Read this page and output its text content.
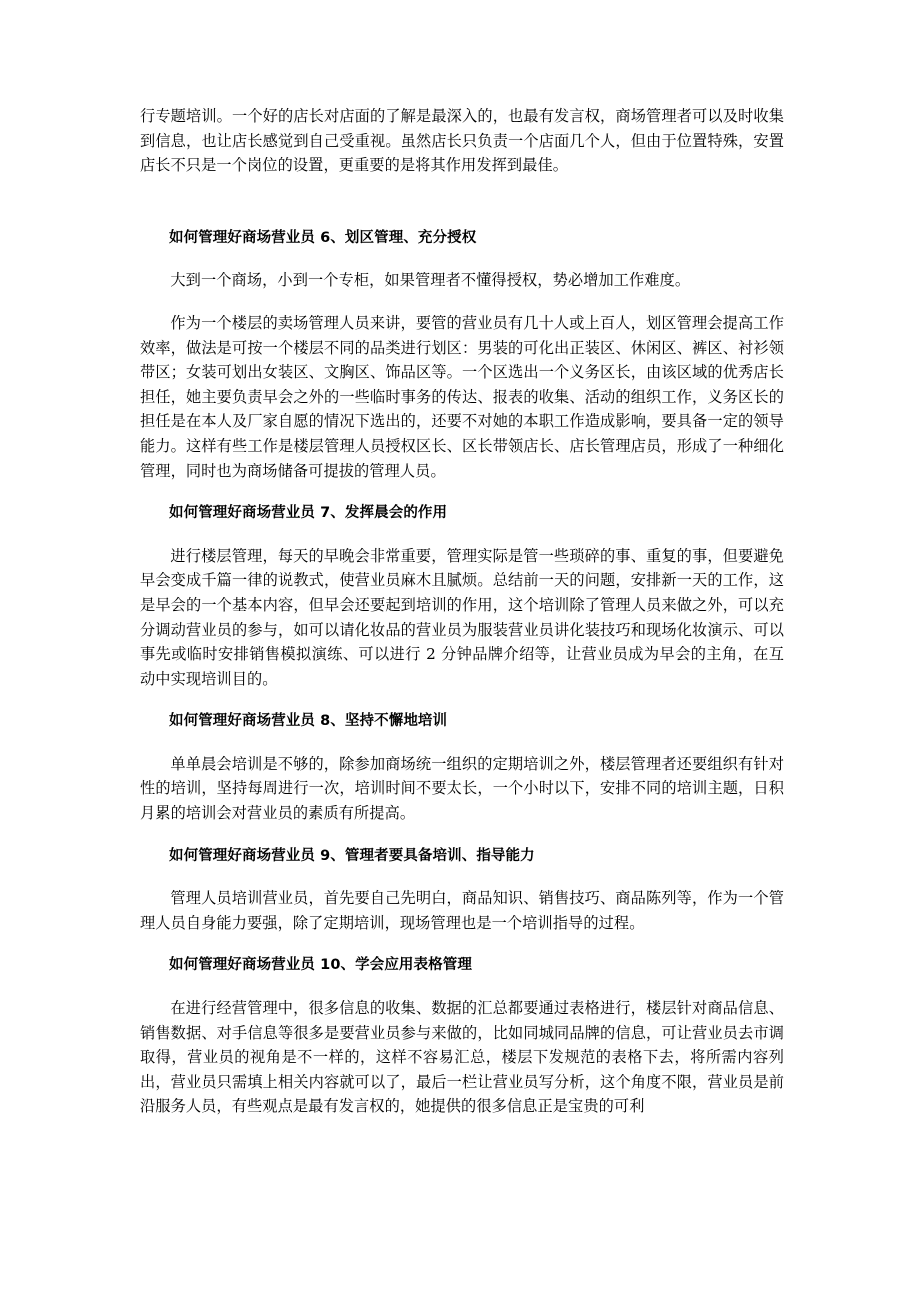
行专题培训。一个好的店长对店面的了解是最深入的，也最有发言权，商场管理者可以及时收集到信息，也让店长感觉到自己受重视。虽然店长只负责一个店面几个人，但由于位置特殊，安置店长不只是一个岗位的设置，更重要的是将其作用发挥到最佳。

如何管理好商场营业员 6、划区管理、充分授权

大到一个商场，小到一个专柜，如果管理者不懂得授权，势必增加工作难度。

作为一个楼层的卖场管理人员来讲，要管的营业员有几十人或上百人，划区管理会提高工作效率，做法是可按一个楼层不同的品类进行划区：男装的可化出正装区、休闲区、裤区、衬衫领带区；女装可划出女装区、文胸区、饰品区等。一个区选出一个义务区长，由该区域的优秀店长担任，她主要负责早会之外的一些临时事务的传达、报表的收集、活动的组织工作，义务区长的担任是在本人及厂家自愿的情况下选出的，还要不对她的本职工作造成影响，要具备一定的领导能力。这样有些工作是楼层管理人员授权区长、区长带领店长、店长管理店员，形成了一种细化管理，同时也为商场储备可提拔的管理人员。

如何管理好商场营业员 7、发挥晨会的作用

进行楼层管理，每天的早晚会非常重要，管理实际是管一些琐碎的事、重复的事，但要避免早会变成千篇一律的说教式，使营业员麻木且腻烦。总结前一天的问题，安排新一天的工作，这是早会的一个基本内容，但早会还要起到培训的作用，这个培训除了管理人员来做之外，可以充分调动营业员的参与，如可以请化妆品的营业员为服装营业员讲化装技巧和现场化妆演示、可以事先或临时安排销售模拟演练、可以进行 2 分钟品牌介绍等，让营业员成为早会的主角，在互动中实现培训目的。

如何管理好商场营业员 8、坚持不懈地培训

单单晨会培训是不够的，除参加商场统一组织的定期培训之外，楼层管理者还要组织有针对性的培训，坚持每周进行一次，培训时间不要太长，一个小时以下，安排不同的培训主题，日积月累的培训会对营业员的素质有所提高。

如何管理好商场营业员 9、管理者要具备培训、指导能力

管理人员培训营业员，首先要自己先明白，商品知识、销售技巧、商品陈列等，作为一个管理人员自身能力要强，除了定期培训，现场管理也是一个培训指导的过程。

如何管理好商场营业员 10、学会应用表格管理

在进行经营管理中，很多信息的收集、数据的汇总都要通过表格进行，楼层针对商品信息、销售数据、对手信息等很多是要营业员参与来做的，比如同城同品牌的信息，可让营业员去市调取得，营业员的视角是不一样的，这样不容易汇总，楼层下发规范的表格下去，将所需内容列出，营业员只需填上相关内容就可以了，最后一栏让营业员写分析，这个角度不限，营业员是前沿服务人员，有些观点是最有发言权的，她提供的很多信息正是宝贵的可利
